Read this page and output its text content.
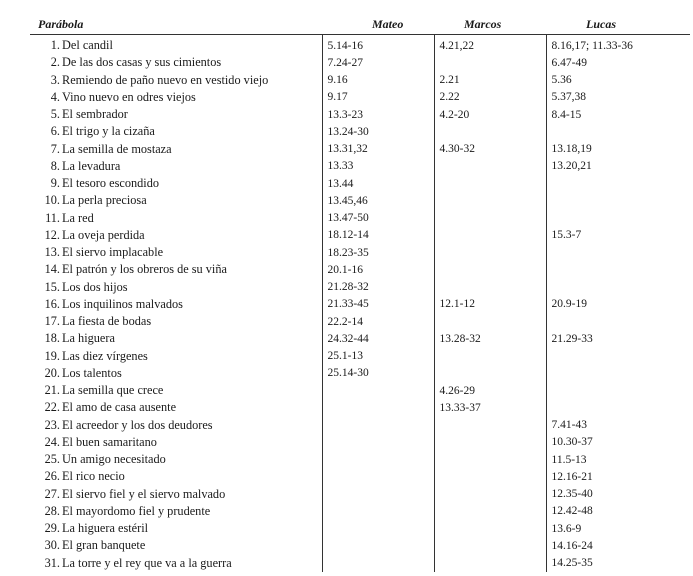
Parábola	Mateo	Marcos	Lucas
1. Del candil	5.14-16	4.21,22	8.16,17; 11.33-36
2. De las dos casas y sus cimientos	7.24-27		6.47-49
3. Remiendo de paño nuevo en vestido viejo	9.16	2.21	5.36
4. Vino nuevo en odres viejos	9.17	2.22	5.37,38
5. El sembrador	13.3-23	4.2-20	8.4-15
6. El trigo y la cizaña	13.24-30		
7. La semilla de mostaza	13.31,32	4.30-32	13.18,19
8. La levadura	13.33		13.20,21
9. El tesoro escondido	13.44		
10. La perla preciosa	13.45,46		
11. La red	13.47-50		
12. La oveja perdida	18.12-14		15.3-7
13. El siervo implacable	18.23-35		
14. El patrón y los obreros de su viña	20.1-16		
15. Los dos hijos	21.28-32		
16. Los inquilinos malvados	21.33-45	12.1-12	20.9-19
17. La fiesta de bodas	22.2-14		
18. La higuera	24.32-44	13.28-32	21.29-33
19. Las diez vírgenes	25.1-13		
20. Los talentos	25.14-30		
21. La semilla que crece		4.26-29	
22. El amo de casa ausente		13.33-37	
23. El acreedor y los dos deudores			7.41-43
24. El buen samaritano			10.30-37
25. Un amigo necesitado			11.5-13
26. El rico necio			12.16-21
27. El siervo fiel y el siervo malvado			12.35-40
28. El mayordomo fiel y prudente			12.42-48
29. La higuera estéril			13.6-9
30. El gran banquete			14.16-24
31. La torre y el rey que va a la guerra			14.25-35
